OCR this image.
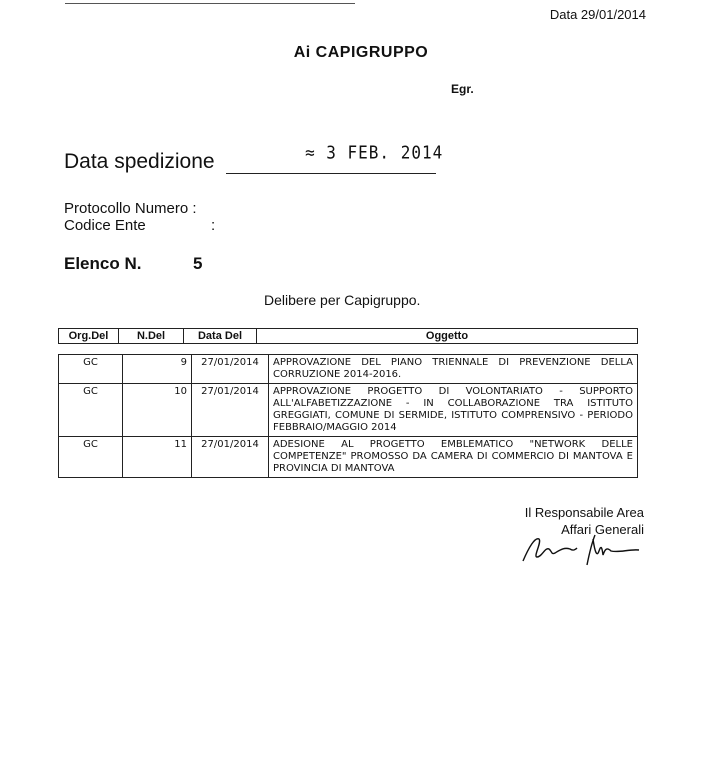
Data 29/01/2014
Ai CAPIGRUPPO
Egr.
Data spedizione	≈ 3 FEB. 2014
Protocollo Numero :
Codice Ente	:
Elenco N.	5
Delibere per Capigruppo.
Org.Del	N.Del	Data Del	Oggetto
GC	9	27/01/2014	APPROVAZIONE DEL PIANO TRIENNALE DI PREVENZIONE DELLA CORRUZIONE 2014-2016.
GC	10	27/01/2014	APPROVAZIONE PROGETTO DI VOLONTARIATO - SUPPORTO ALL'ALFABETIZZAZIONE - IN COLLABORAZIONE TRA ISTITUTO GREGGIATI, COMUNE DI SERMIDE, ISTITUTO COMPRENSIVO - PERIODO FEBBRAIO/MAGGIO 2014
GC	11	27/01/2014	ADESIONE AL PROGETTO EMBLEMATICO "NETWORK DELLE COMPETENZE" PROMOSSO DA CAMERA DI COMMERCIO DI MANTOVA E PROVINCIA DI MANTOVA
Il Responsabile Area
Affari Generali
